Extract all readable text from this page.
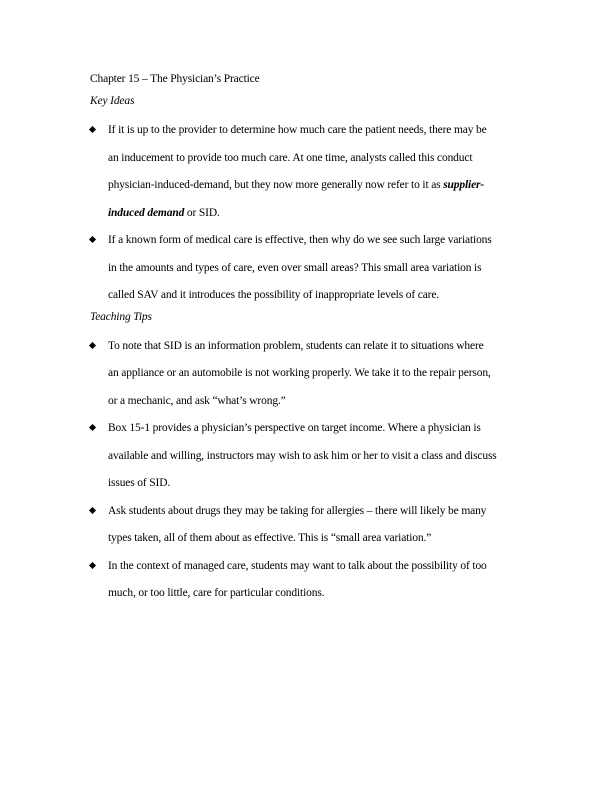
Chapter 15 – The Physician’s Practice
Key Ideas
If it is up to the provider to determine how much care the patient needs, there may be
an inducement to provide too much care. At one time, analysts called this conduct
physician-induced-demand, but they now more generally now refer to it as supplier-
induced demand or SID.
If a known form of medical care is effective, then why do we see such large variations
in the amounts and types of care, even over small areas? This small area variation is
called SAV and it introduces the possibility of inappropriate levels of care.
Teaching Tips
To note that SID is an information problem, students can relate it to situations where
an appliance or an automobile is not working properly. We take it to the repair person,
or a mechanic, and ask “what’s wrong.”
Box 15-1 provides a physician’s perspective on target income. Where a physician is
available and willing, instructors may wish to ask him or her to visit a class and discuss
issues of SID.
Ask students about drugs they may be taking for allergies – there will likely be many
types taken, all of them about as effective. This is “small area variation.”
In the context of managed care, students may want to talk about the possibility of too
much, or too little, care for particular conditions.
